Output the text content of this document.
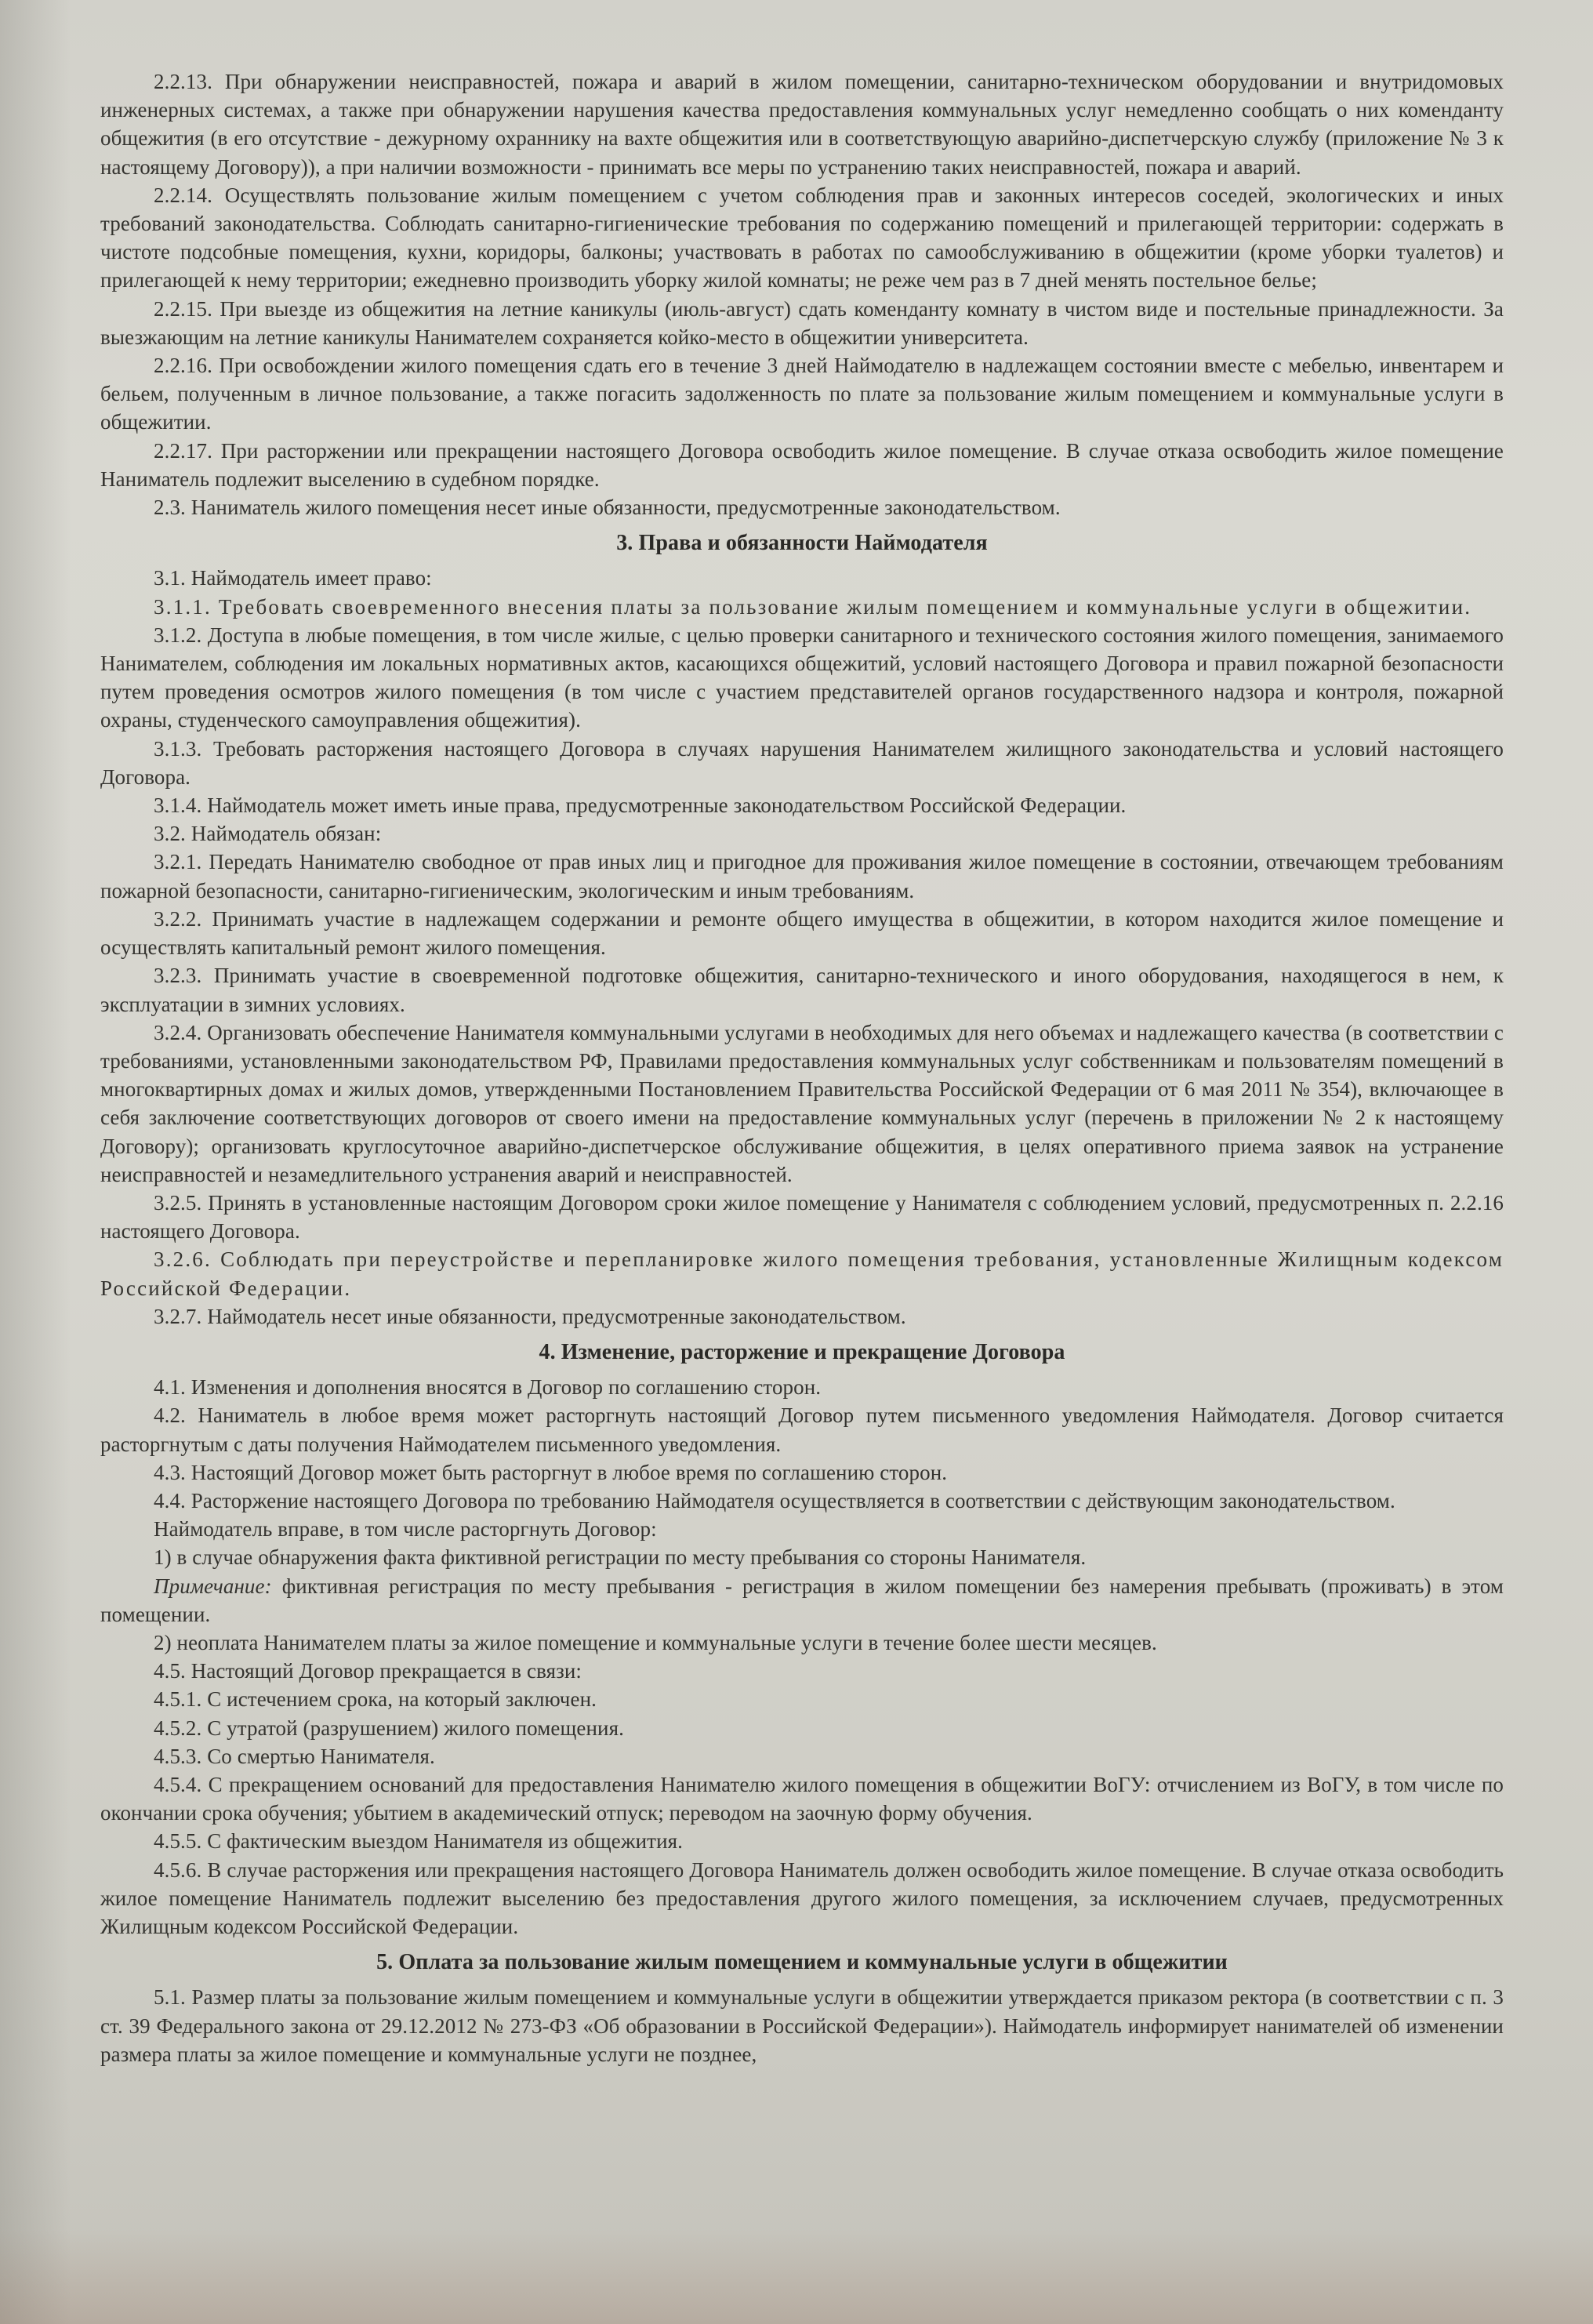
2.2.13. При обнаружении неисправностей, пожара и аварий в жилом помещении, санитарно-техническом оборудовании и внутридомовых инженерных системах, а также при обнаружении нарушения качества предоставления коммунальных услуг немедленно сообщать о них коменданту общежития (в его отсутствие - дежурному охраннику на вахте общежития или в соответствующую аварийно-диспетчерскую службу (приложение № 3 к настоящему Договору)), а при наличии возможности - принимать все меры по устранению таких неисправностей, пожара и аварий.

2.2.14. Осуществлять пользование жилым помещением с учетом соблюдения прав и законных интересов соседей, экологических и иных требований законодательства. Соблюдать санитарно-гигиенические требования по содержанию помещений и прилегающей территории: содержать в чистоте подсобные помещения, кухни, коридоры, балконы; участвовать в работах по самообслуживанию в общежитии (кроме уборки туалетов) и прилегающей к нему территории; ежедневно производить уборку жилой комнаты; не реже чем раз в 7 дней менять постельное белье;

2.2.15. При выезде из общежития на летние каникулы (июль-август) сдать коменданту комнату в чистом виде и постельные принадлежности. За выезжающим на летние каникулы Нанимателем сохраняется койко-место в общежитии университета.

2.2.16. При освобождении жилого помещения сдать его в течение 3 дней Наймодателю в надлежащем состоянии вместе с мебелью, инвентарем и бельем, полученным в личное пользование, а также погасить задолженность по плате за пользование жилым помещением и коммунальные услуги в общежитии.

2.2.17. При расторжении или прекращении настоящего Договора освободить жилое помещение. В случае отказа освободить жилое помещение Наниматель подлежит выселению в судебном порядке.

2.3. Наниматель жилого помещения несет иные обязанности, предусмотренные законодательством.

3. Права и обязанности Наймодателя

3.1. Наймодатель имеет право:

3.1.1. Требовать своевременного внесения платы за пользование жилым помещением и коммунальные услуги в общежитии.

3.1.2. Доступа в любые помещения, в том числе жилые, с целью проверки санитарного и технического состояния жилого помещения, занимаемого Нанимателем, соблюдения им локальных нормативных актов, касающихся общежитий, условий настоящего Договора и правил пожарной безопасности путем проведения осмотров жилого помещения (в том числе с участием представителей органов государственного надзора и контроля, пожарной охраны, студенческого самоуправления общежития).

3.1.3. Требовать расторжения настоящего Договора в случаях нарушения Нанимателем жилищного законодательства и условий настоящего Договора.

3.1.4. Наймодатель может иметь иные права, предусмотренные законодательством Российской Федерации.

3.2. Наймодатель обязан:

3.2.1. Передать Нанимателю свободное от прав иных лиц и пригодное для проживания жилое помещение в состоянии, отвечающем требованиям пожарной безопасности, санитарно-гигиеническим, экологическим и иным требованиям.

3.2.2. Принимать участие в надлежащем содержании и ремонте общего имущества в общежитии, в котором находится жилое помещение и осуществлять капитальный ремонт жилого помещения.

3.2.3. Принимать участие в своевременной подготовке общежития, санитарно-технического и иного оборудования, находящегося в нем, к эксплуатации в зимних условиях.

3.2.4. Организовать обеспечение Нанимателя коммунальными услугами в необходимых для него объемах и надлежащего качества (в соответствии с требованиями, установленными законодательством РФ, Правилами предоставления коммунальных услуг собственникам и пользователям помещений в многоквартирных домах и жилых домов, утвержденными Постановлением Правительства Российской Федерации от 6 мая 2011 № 354), включающее в себя заключение соответствующих договоров от своего имени на предоставление коммунальных услуг (перечень в приложении № 2 к настоящему Договору); организовать круглосуточное аварийно-диспетчерское обслуживание общежития, в целях оперативного приема заявок на устранение неисправностей и незамедлительного устранения аварий и неисправностей.

3.2.5. Принять в установленные настоящим Договором сроки жилое помещение у Нанимателя с соблюдением условий, предусмотренных п. 2.2.16 настоящего Договора.

3.2.6. Соблюдать при переустройстве и перепланировке жилого помещения требования, установленные Жилищным кодексом Российской Федерации.

3.2.7. Наймодатель несет иные обязанности, предусмотренные законодательством.

4. Изменение, расторжение и прекращение Договора

4.1. Изменения и дополнения вносятся в Договор по соглашению сторон.

4.2. Наниматель в любое время может расторгнуть настоящий Договор путем письменного уведомления Наймодателя. Договор считается расторгнутым с даты получения Наймодателем письменного уведомления.

4.3. Настоящий Договор может быть расторгнут в любое время по соглашению сторон.

4.4. Расторжение настоящего Договора по требованию Наймодателя осуществляется в соответствии с действующим законодательством.

Наймодатель вправе, в том числе расторгнуть Договор:

1) в случае обнаружения факта фиктивной регистрации по месту пребывания со стороны Нанимателя.

Примечание: фиктивная регистрация по месту пребывания - регистрация в жилом помещении без намерения пребывать (проживать) в этом помещении.

2) неоплата Нанимателем платы за жилое помещение и коммунальные услуги в течение более шести месяцев.

4.5. Настоящий Договор прекращается в связи:

4.5.1. С истечением срока, на который заключен.

4.5.2. С утратой (разрушением) жилого помещения.

4.5.3. Со смертью Нанимателя.

4.5.4. С прекращением оснований для предоставления Нанимателю жилого помещения в общежитии ВоГУ: отчислением из ВоГУ, в том числе по окончании срока обучения; убытием в академический отпуск; переводом на заочную форму обучения.

4.5.5. С фактическим выездом Нанимателя из общежития.

4.5.6. В случае расторжения или прекращения настоящего Договора Наниматель должен освободить жилое помещение. В случае отказа освободить жилое помещение Наниматель подлежит выселению без предоставления другого жилого помещения, за исключением случаев, предусмотренных Жилищным кодексом Российской Федерации.

5. Оплата за пользование жилым помещением и коммунальные услуги в общежитии

5.1. Размер платы за пользование жилым помещением и коммунальные услуги в общежитии утверждается приказом ректора (в соответствии с п. 3 ст. 39 Федерального закона от 29.12.2012 № 273-ФЗ «Об образовании в Российской Федерации»). Наймодатель информирует нанимателей об изменении размера платы за жилое помещение и коммунальные услуги не позднее,
